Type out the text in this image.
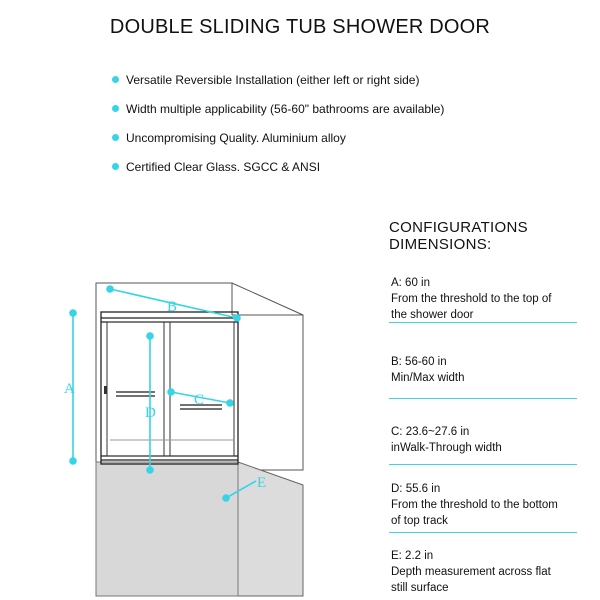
DOUBLE SLIDING TUB SHOWER DOOR
Versatile Reversible Installation (either left or right side)
Width multiple applicability (56-60" bathrooms are available)
Uncompromising Quality. Aluminium alloy
Certified Clear Glass. SGCC & ANSI
A
B
C
D
E
CONFIGURATIONS
DIMENSIONS:
A: 60 in
From the threshold to the top of
the shower door
B: 56-60 in
Min/Max width
C: 23.6~27.6 in
inWalk-Through width
D: 55.6 in
From the threshold to the bottom
of top track
E: 2.2 in
Depth measurement across flat
still surface
